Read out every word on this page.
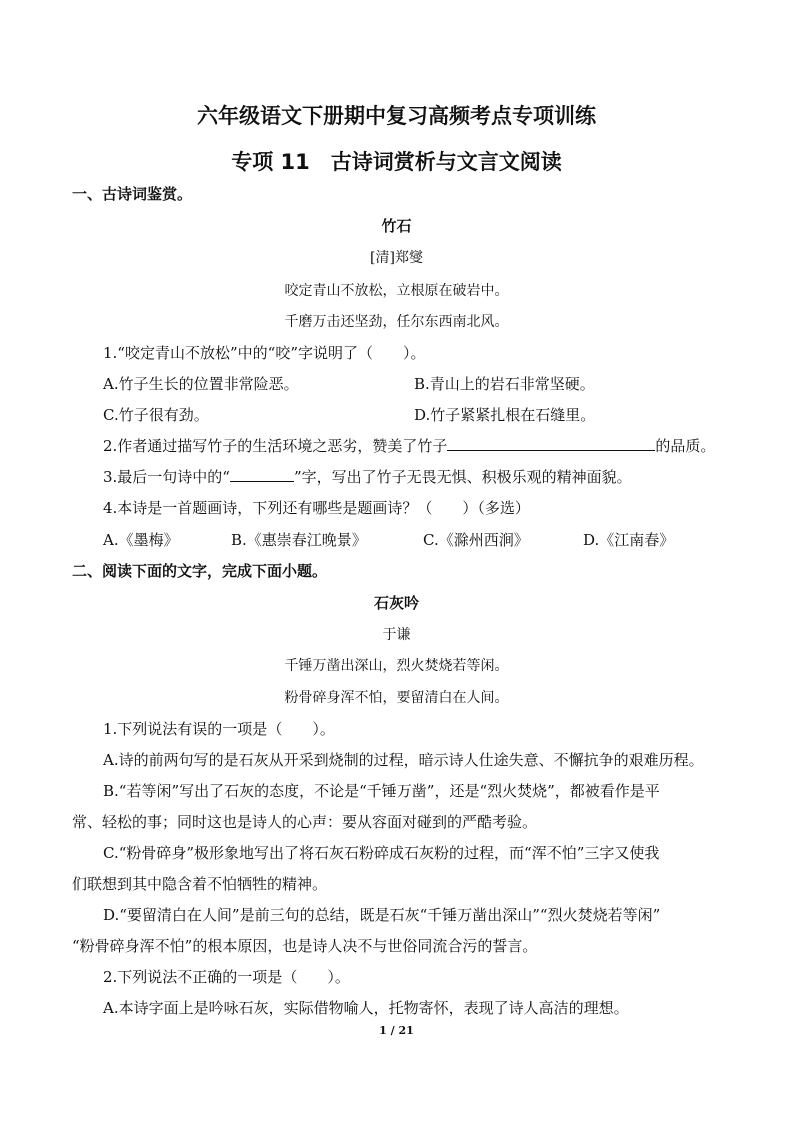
六年级语文下册期中复习高频考点专项训练
专项 11　古诗词赏析与文言文阅读
一、古诗词鉴赏。
竹石
[清]郑燮
咬定青山不放松，立根原在破岩中。
千磨万击还坚劲，任尔东西南北风。
1.“咬定青山不放松”中的“咬”字说明了（　　）。
A.竹子生长的位置非常险恶。	B.青山上的岩石非常坚硬。
C.竹子很有劲。	D.竹子紧紧扎根在石缝里。
2.作者通过描写竹子的生活环境之恶劣，赞美了竹子	的品质。
3.最后一句诗中的“	”字，写出了竹子无畏无惧、积极乐观的精神面貌。
4.本诗是一首题画诗，下列还有哪些是题画诗？（　　）（多选）
A.《墨梅》	B.《惠崇春江晚景》	C.《滁州西涧》	D.《江南春》
二、阅读下面的文字，完成下面小题。
石灰吟
于谦
千锤万凿出深山，烈火焚烧若等闲。
粉骨碎身浑不怕，要留清白在人间。
1.下列说法有误的一项是（　　）。
A.诗的前两句写的是石灰从开采到烧制的过程，暗示诗人仕途失意、不懈抗争的艰难历程。
B.“若等闲”写出了石灰的态度，不论是“千锤万凿”，还是“烈火焚烧”，都被看作是平
常、轻松的事；同时这也是诗人的心声：要从容面对碰到的严酷考验。
C.“粉骨碎身”极形象地写出了将石灰石粉碎成石灰粉的过程，而“浑不怕”三字又使我
们联想到其中隐含着不怕牺牲的精神。
D.“要留清白在人间”是前三句的总结，既是石灰“千锤万凿出深山”“烈火焚烧若等闲”
“粉骨碎身浑不怕”的根本原因，也是诗人决不与世俗同流合污的誓言。
2.下列说法不正确的一项是（　　）。
A.本诗字面上是吟咏石灰，实际借物喻人，托物寄怀，表现了诗人高洁的理想。
1 / 21
